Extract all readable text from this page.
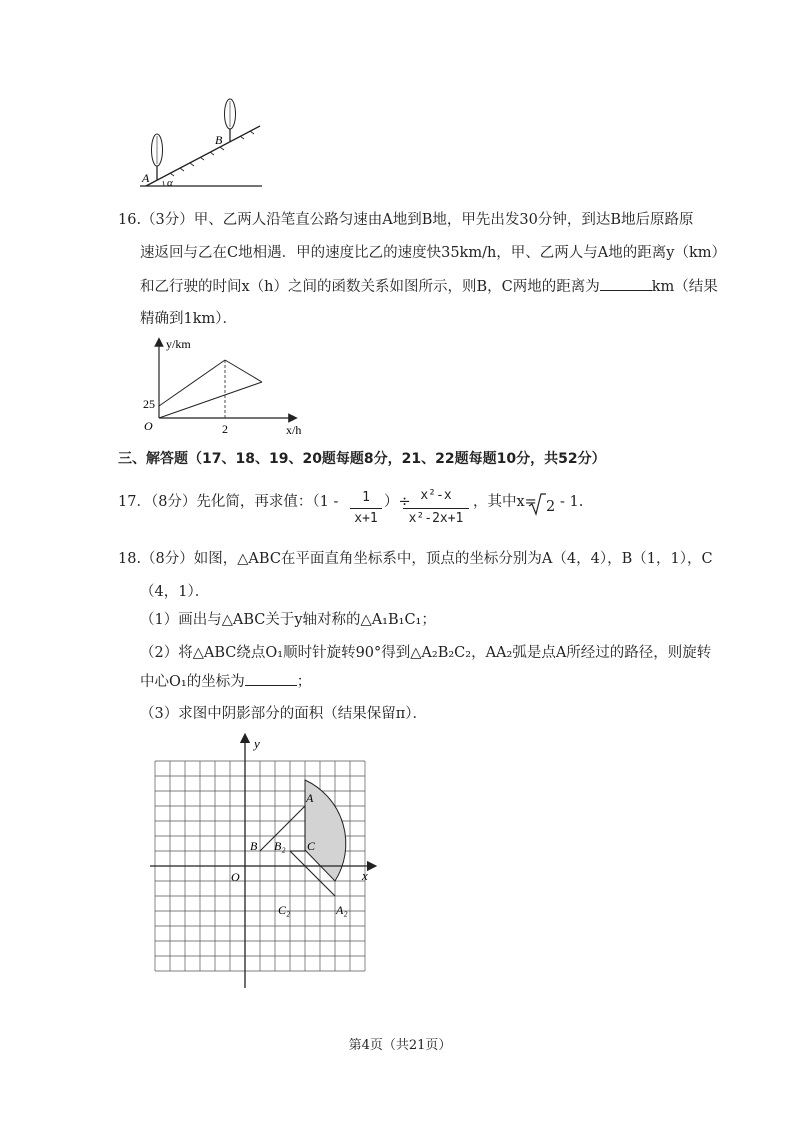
A
B
α
16.（3分）甲、乙两人沿笔直公路匀速由A地到B地，甲先出发30分钟，到达B地后原路原
速返回与乙在C地相遇．甲的速度比乙的速度快35km/h，甲、乙两人与A地的距离y（km）
和乙行驶的时间x（h）之间的函数关系如图所示，则B，C两地的距离为	km（结果
精确到1km）．
y/km
x/h
O
25
2
三、解答题（17、18、19、20题每题8分，21、22题每题10分，共52分）
17．（8分）先化简，再求值：（$1 - \frac{1}{x+1}$ ）÷
$\frac{\text{x²-x}}{\text{x²-2x+1}}$ ，其中x= 2 - 1.
18.（8分）如图，△ABC在平面直角坐标系中，顶点的坐标分别为A（4，4），B（1，1），C
（4，1）．
（1）画出与△ABC关于y轴对称的△A₁B₁C₁；
（2）将△ABC绕点O₁顺时针旋转90°得到△A₂B₂C₂，AA₂弧是点A所经过的路径，则旋转
中心O₁的坐标为	；
（3）求图中阴影部分的面积（结果保留π）．
y
x
O
A
B B₂ C
C₂	A₂
第4页（共21页）
